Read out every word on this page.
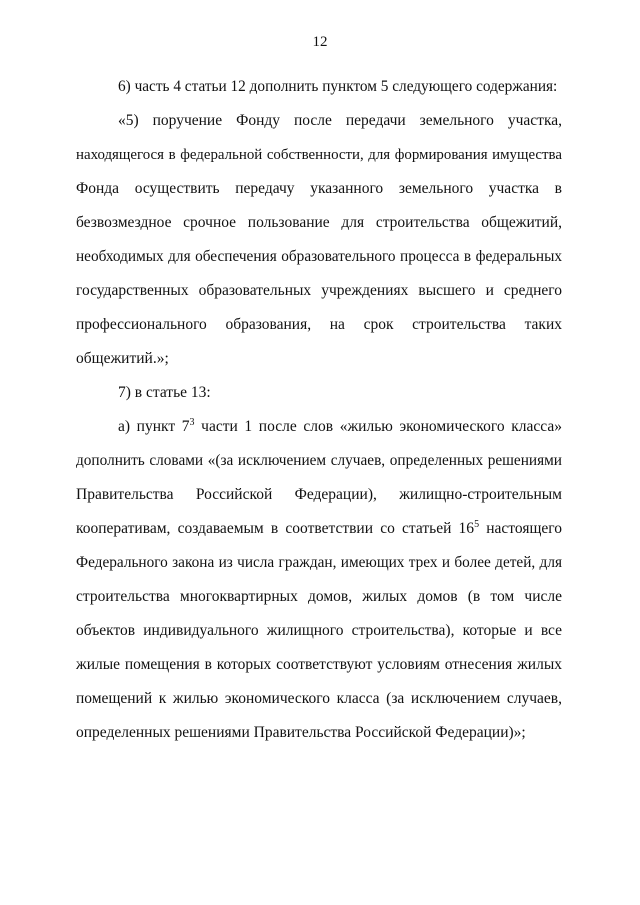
12
6) часть 4 статьи 12 дополнить пунктом 5 следующего содержания:
«5) поручение Фонду после передачи земельного участка,
находящегося в федеральной собственности, для формирования имущества
Фонда осуществить передачу указанного земельного участка в
безвозмездное срочное пользование для строительства общежитий,
необходимых для обеспечения образовательного процесса в федеральных
государственных образовательных учреждениях высшего и среднего
профессионального образования, на срок строительства таких
общежитий.»;
7) в статье 13:
а) пункт $7^3$ части 1 после слов «жилью экономического класса»
дополнить словами «(за исключением случаев, определенных решениями
Правительства Российской Федерации), жилищно-строительным
кооперативам, создаваемым в соответствии со статьей $16^5$ настоящего
Федерального закона из числа граждан, имеющих трех и более детей, для
строительства многоквартирных домов, жилых домов (в том числе
объектов индивидуального жилищного строительства), которые и все
жилые помещения в которых соответствуют условиям отнесения жилых
помещений к жилью экономического класса (за исключением случаев,
определенных решениями Правительства Российской Федерации)»;
